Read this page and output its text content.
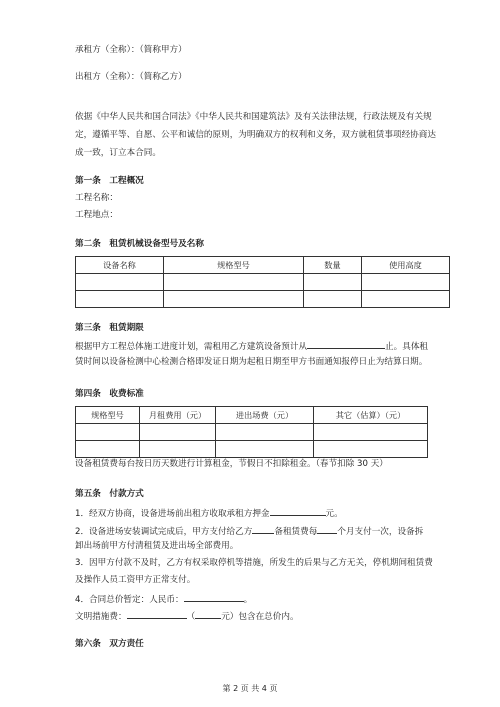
承租方（全称）：（简称甲方）
出租方（全称）：（简称乙方）
依据《中华人民共和国合同法》《中华人民共和国建筑法》及有关法律法规，行政法规及有关规
定，遵循平等、自愿、公平和诚信的原则，为明确双方的权利和义务，双方就租赁事项经协商达
成一致，订立本合同。
第一条　工程概况
工程名称：
工程地点：
第二条　租赁机械设备型号及名称
设备名称	规格型号	数量	使用高度

第三条　租赁期限
根据甲方工程总体施工进度计划，需租用乙方建筑设备预计从	止。具体租
赁时间以设备检测中心检测合格即发证日期为起租日期至甲方书面通知报停日止为结算日期。
第四条　收费标准
规格型号	月租费用（元）	进出场费（元）	其它（估算）（元）

设备租赁费每台按日历天数进行计算租金，节假日不扣除租金。（春节扣除 30 天）
第五条　付款方式
1．经双方协商，设备进场前出租方收取承租方押金	元。
2．设备进场安装调试完成后，甲方支付给乙方	备租赁费每 个月支付一次，设备拆
卸出场前甲方付清租赁及进出场全部费用。
3．因甲方付款不及时，乙方有权采取停机等措施，所发生的后果与乙方无关，停机期间租赁费
及操作人员工资甲方正常支付。
4．合同总价暂定：人民币：	。
文明措施费：	（	元）包含在总价内。
第六条　双方责任
第 2 页 共 4 页
